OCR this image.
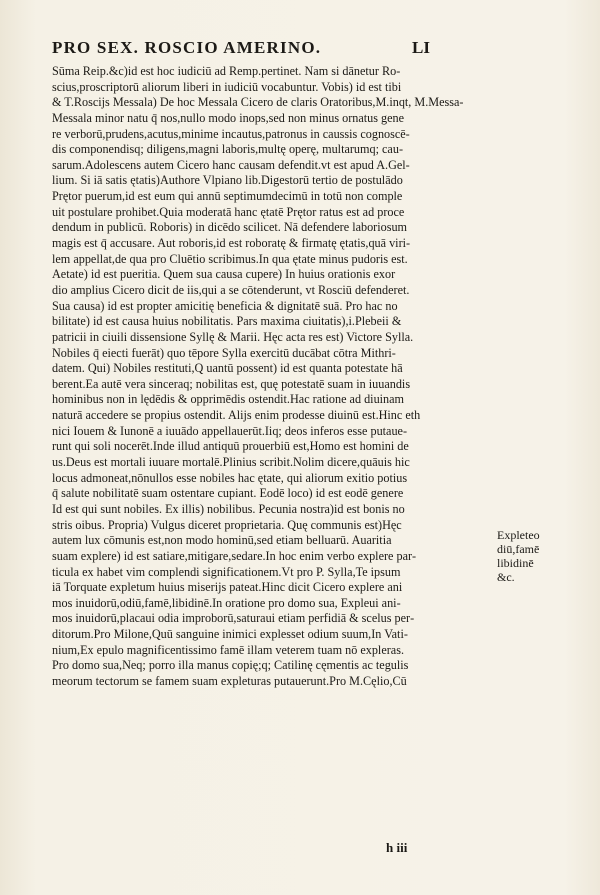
PRO SEX. ROSCIO AMERINO.	LI
Sūma Reip.&c)id est hoc iudiciū ad Remp.pertinet. Nam si dānetur Ro‑
scius,proscriptorū aliorum liberi in iudiciū vocabuntur. Vobis) id est tibi
& T.Roscijs Messala) De hoc Messala Cicero de claris Oratoribus,M.inqt, M.Messa‑
Messala minor natu q̄ nos,nullo modo inops,sed non minus ornatus gene
re verborū,prudens,acutus,minime incautus,patronus in caussis cognoscē‑
dis componendisq; diligens,magni laboris,multę operę, multarumq; cau‑
sarum.Adolescens autem Cicero hanc causam defendit.vt est apud A.Gel‑
lium. Si iā satis ętatis)Authore Vlpiano lib.Digestorū tertio de postulādo
Prętor puerum,id est eum qui annū septimumdecimū in totū non comple
uit postulare prohibet.Quia moderatā hanc ętatē Prętor ratus est ad proce
dendum in publicū. Roboris) in dicēdo scilicet. Nā defendere laboriosum
magis est q̄ accusare. Aut roboris,id est roboratę & firmatę ętatis,quā viri‑
lem appellat,de qua pro Cluētio scribimus.In qua ętate minus pudoris est.
Aetate) id est pueritia. Quem sua causa cupere) In huius orationis exor
dio amplius Cicero dicit de iis,qui a se cōtenderunt, vt Rosciū defenderet.
Sua causa) id est propter amicitię beneficia & dignitatē suā. Pro hac no
bilitate) id est causa huius nobilitatis. Pars maxima ciuitatis),i.Plebeii &
patricii in ciuili dissensione Syllę & Marii. Hęc acta res est) Victore Sylla.
Nobiles q̄ eiecti fuerāt) quo tēpore Sylla exercitū ducābat cōtra Mithri‑
datem. Qui) Nobiles restituti,Q uantū possent) id est quanta potestate hā
berent.Ea autē vera sinceraq; nobilitas est, quę potestatē suam in iuuandis
hominibus non in lędēdis & opprimēdis ostendit.Hac ratione ad diuinam
naturā accedere se propius ostendit. Alijs enim prodesse diuinū est.Hinc eth
nici Iouem & Iunonē a iuuādo appellauerūt.Iiq; deos inferos esse putaue‑
runt qui soli nocerēt.Inde illud antiquū prouerbiū est,Homo est homini de
us.Deus est mortali iuuare mortalē.Plinius scribit.Nolim dicere,quāuis hic
locus admoneat,nōnullos esse nobiles hac ętate, qui aliorum exitio potius
q̄ salute nobilitatē suam ostentare cupiant. Eodē loco) id est eodē genere
Id est qui sunt nobiles. Ex illis) nobilibus. Pecunia nostra)id est bonis no
stris oibus. Propria) Vulgus diceret proprietaria. Quę communis est)Hęc
autem lux cōmunis est,non modo hominū,sed etiam belluarū. Auaritia
suam explere) id est satiare,mitigare,sedare.In hoc enim verbo explere par‑
ticula ex habet vim complendi significationem.Vt pro P. Sylla,Te ipsum
iā Torquate expletum huius miserijs pateat.Hinc dicit Cicero explere ani
mos inuidorū,odiū,famē,libidinē.In oratione pro domo sua, Expleui ani‑
mos inuidorū,placaui odia improborū,saturaui etiam perfidiā & scelus per‑
ditorum.Pro Milone,Quū sanguine inimici explesset odium suum,In Vati‑
nium,Ex epulo magnificentissimo famē illam veterem tuam nō expleras.
Pro domo sua,Neq; porro illa manus copię;q; Catilinę cęmentis ac tegulis
meorum tectorum se famem suam expleturas putauerunt.Pro M.Cęlio,Cū
Expleteo
diū,famē
libidinē
&c.
h iii
